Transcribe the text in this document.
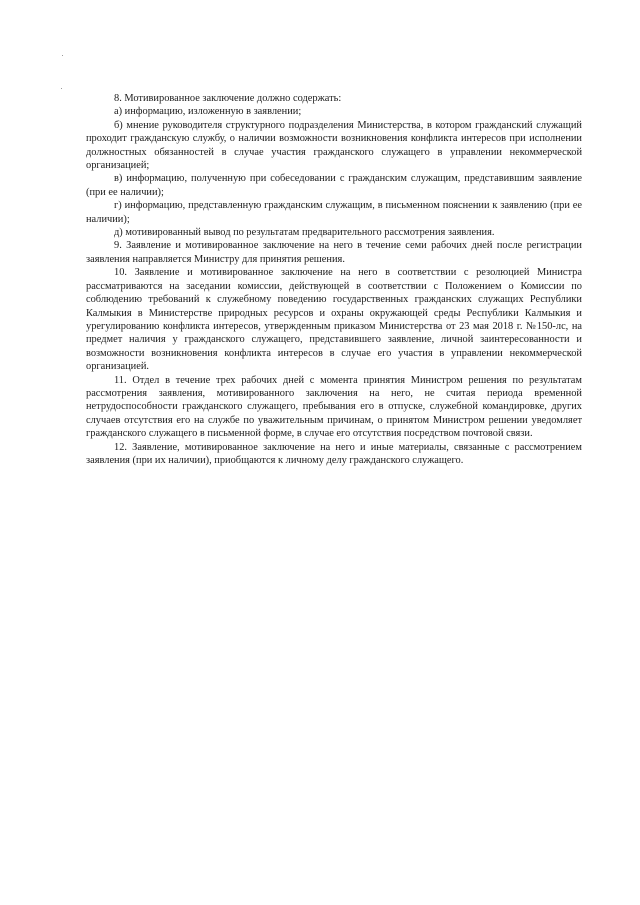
8. Мотивированное заключение должно содержать:

а) информацию, изложенную в заявлении;

б) мнение руководителя структурного подразделения Министерства, в котором гражданский служащий проходит гражданскую службу, о наличии возможности возникновения конфликта интересов при исполнении должностных обязанностей в случае участия гражданского служащего в управлении некоммерческой организацией;

в) информацию, полученную при собеседовании с гражданским служащим, представившим заявление (при ее наличии);

г) информацию, представленную гражданским служащим, в письменном пояснении к заявлению (при ее наличии);

д) мотивированный вывод по результатам предварительного рассмотрения заявления.

9. Заявление и мотивированное заключение на него в течение семи рабочих дней после регистрации заявления направляется Министру для принятия решения.

10. Заявление и мотивированное заключение на него в соответствии с резолюцией Министра рассматриваются на заседании комиссии, действующей в соответствии с Положением о Комиссии по соблюдению требований к служебному поведению государственных гражданских служащих Республики Калмыкия в Министерстве природных ресурсов и охраны окружающей среды Республики Калмыкия и урегулированию конфликта интересов, утвержденным приказом Министерства от 23 мая 2018 г. №150-лс, на предмет наличия у гражданского служащего, представившего заявление, личной заинтересованности и возможности возникновения конфликта интересов в случае его участия в управлении некоммерческой организацией.

11. Отдел в течение трех рабочих дней с момента принятия Министром решения по результатам рассмотрения заявления, мотивированного заключения на него, не считая периода временной нетрудоспособности гражданского служащего, пребывания его в отпуске, служебной командировке, других случаев отсутствия его на службе по уважительным причинам, о принятом Министром решении уведомляет гражданского служащего в письменной форме, в случае его отсутствия посредством почтовой связи.

12. Заявление, мотивированное заключение на него и иные материалы, связанные с рассмотрением заявления (при их наличии), приобщаются к личному делу гражданского служащего.
